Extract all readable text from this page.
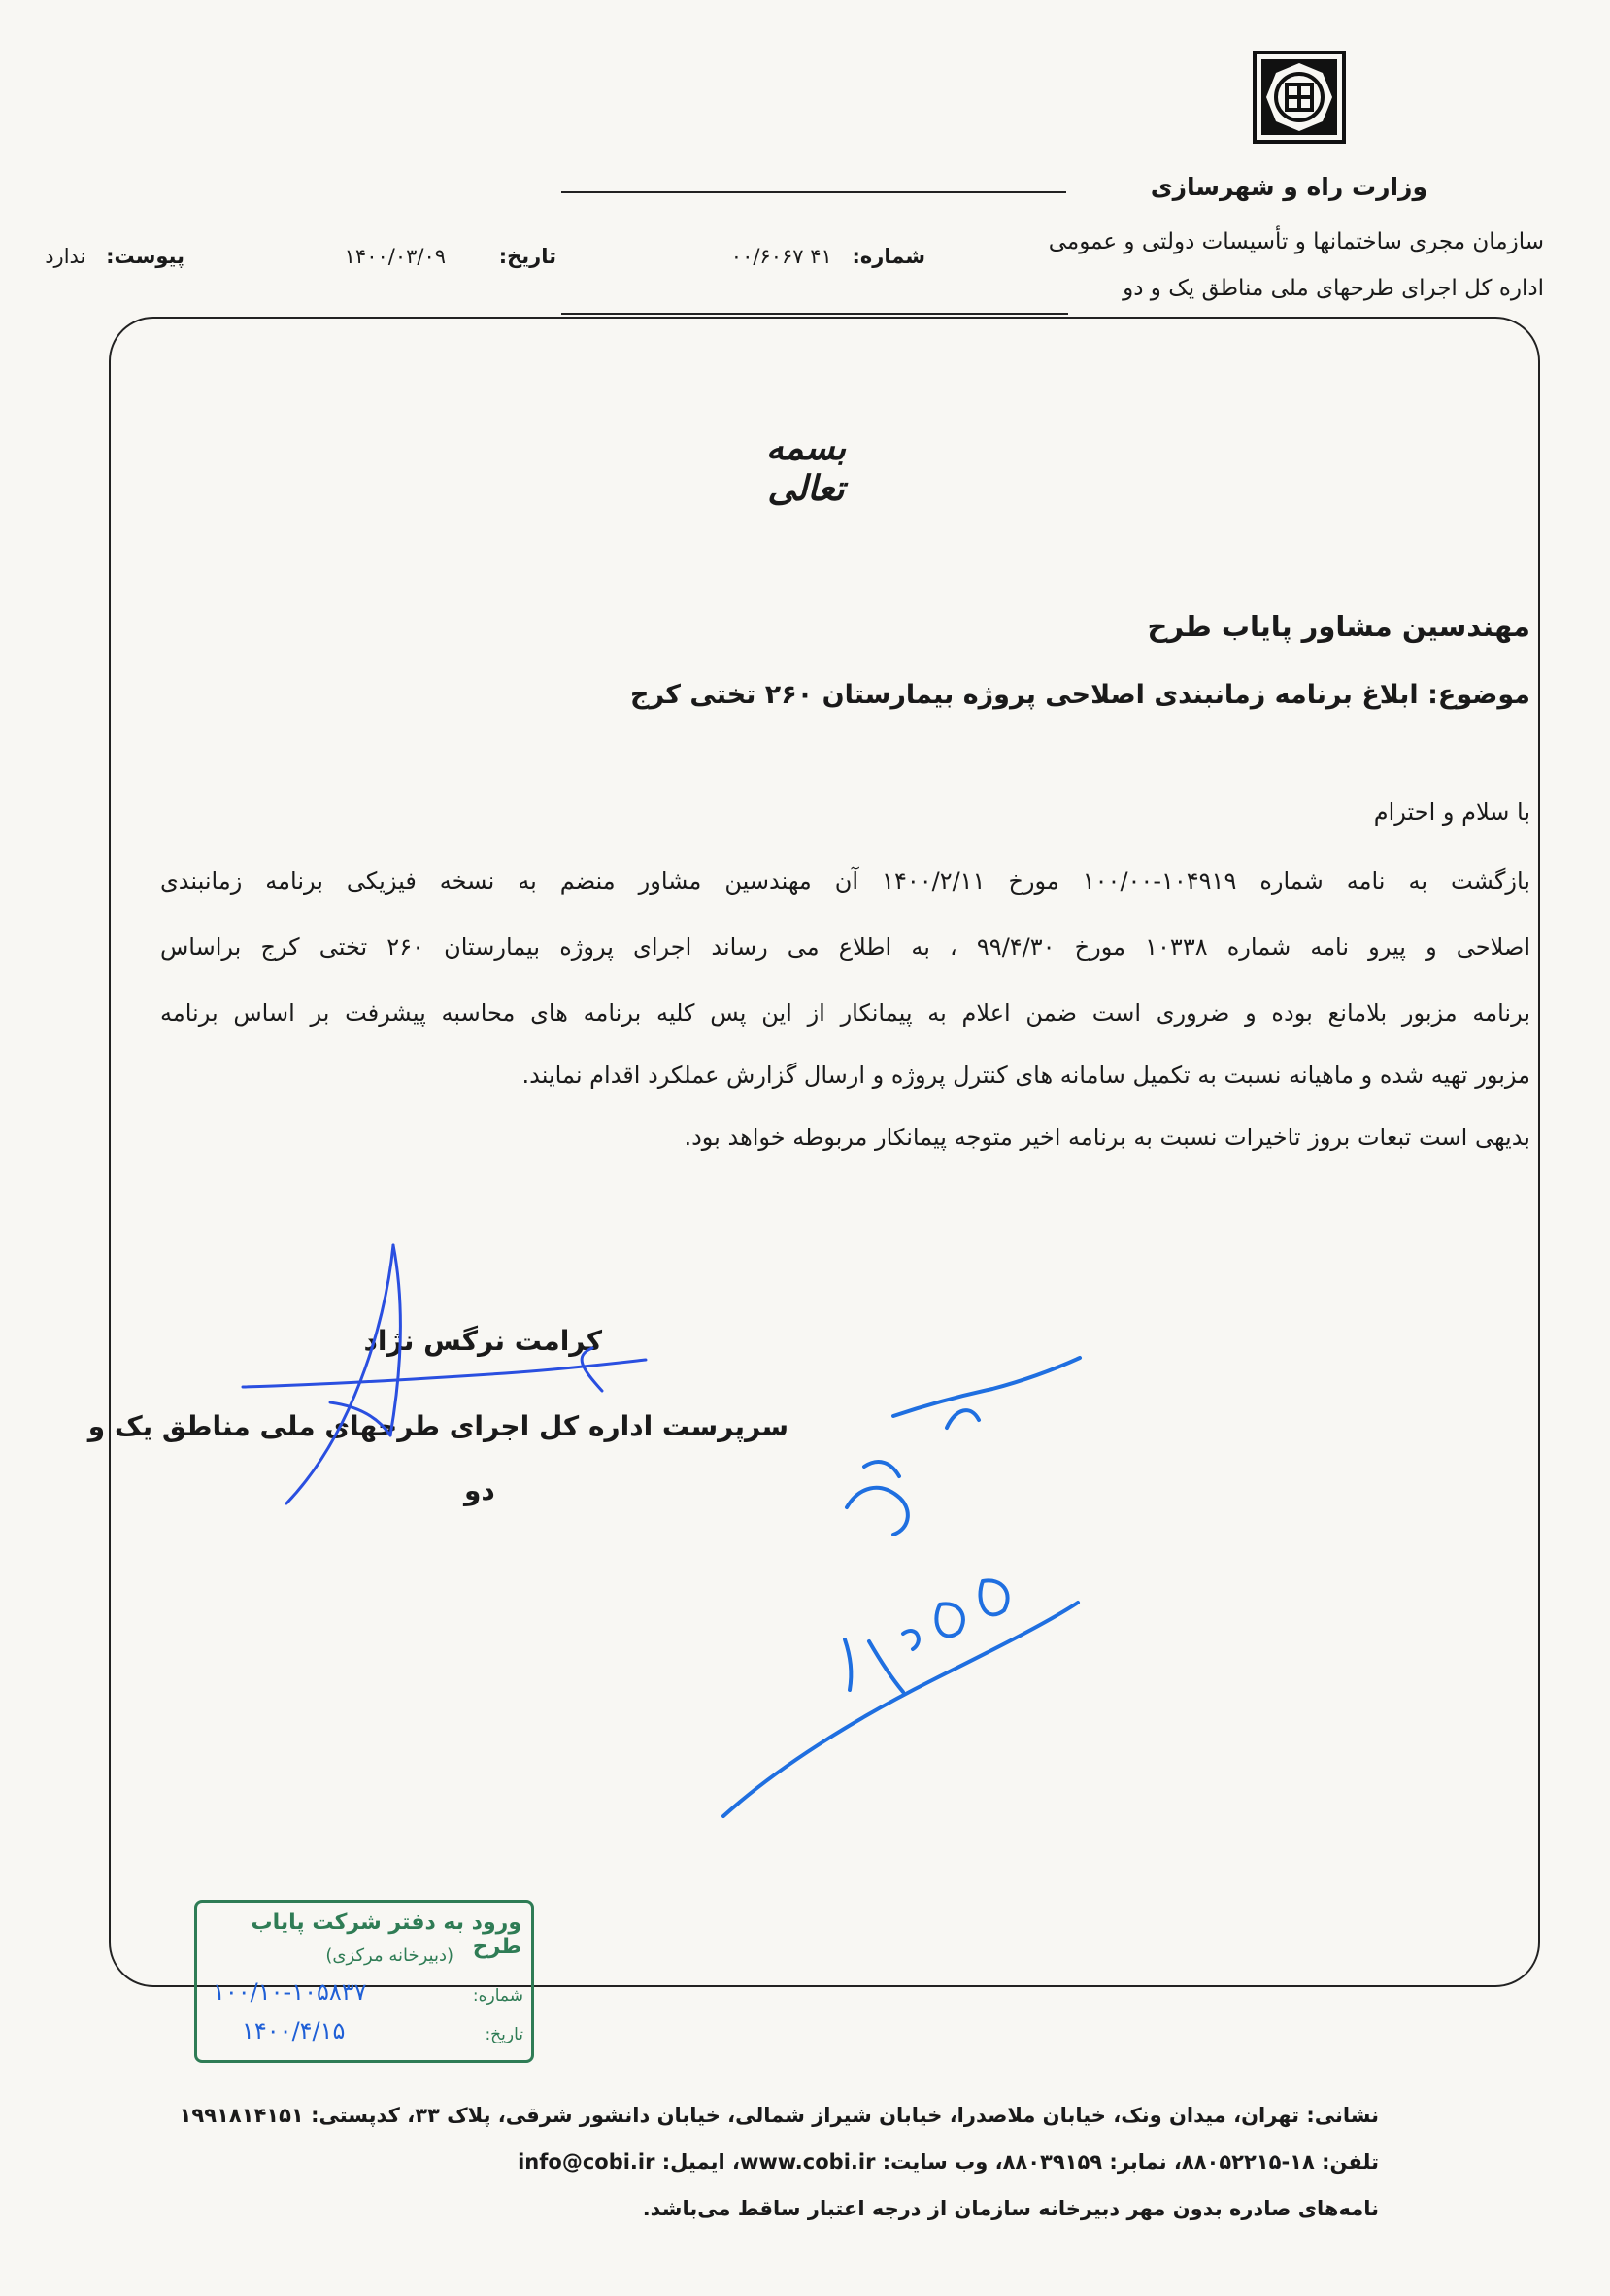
وزارت راه و شهرسازی
سازمان مجری ساختمانها و تأسیسات دولتی و عمومی
اداره کل اجرای طرحهای ملی مناطق یک و دو
شماره: ۴۱ ۰۰/۶۰۶۷
تاریخ: ۱۴۰۰/۰۳/۰۹
پیوست: ندارد
بسمه تعالی
مهندسین مشاور پایاب طرح
موضوع: ابلاغ برنامه زمانبندی اصلاحی پروژه بیمارستان ۲۶۰ تختی کرج
با سلام و احترام
بازگشت به نامه شماره ۱۰۴۹۱۹-۱۰۰/۰۰ مورخ ۱۴۰۰/۲/۱۱ آن مهندسین مشاور منضم به نسخه فیزیکی برنامه زمانبندی
اصلاحی و پیرو نامه شماره ۱۰۳۳۸ مورخ ۹۹/۴/۳۰ ، به اطلاع می رساند اجرای پروژه بیمارستان ۲۶۰ تختی کرج براساس
برنامه مزبور بلامانع بوده و ضروری است ضمن اعلام به پیمانکار از این پس کلیه برنامه های محاسبه پیشرفت بر اساس برنامه
مزبور تهیه شده و ماهیانه نسبت به تکمیل سامانه های کنترل پروژه و ارسال گزارش عملکرد اقدام نمایند.
بدیهی است تبعات بروز تاخیرات نسبت به برنامه اخیر متوجه پیمانکار مربوطه خواهد بود.
کرامت نرگس نژاد
سرپرست اداره کل اجرای طرحهای ملی مناطق یک و
دو
ورود به دفتر شرکت پایاب طرح
(دبیرخانه مرکزی)
شماره:
۱۰۰/۱۰-۱۰۵۸۳۷
تاریخ:
۱۴۰۰/۴/۱۵
نشانی: تهران، میدان ونک، خیابان ملاصدرا، خیابان شیراز شمالی، خیابان دانشور شرقی، پلاک ۳۳، کدپستی: ۱۹۹۱۸۱۴۱۵۱
تلفن: ۱۸-۸۸۰۵۲۲۱۵، نمابر: ۸۸۰۳۹۱۵۹، وب سایت: www.cobi.ir، ایمیل: info@cobi.ir
نامه‌های صادره بدون مهر دبیرخانه سازمان از درجه اعتبار ساقط می‌باشد.
